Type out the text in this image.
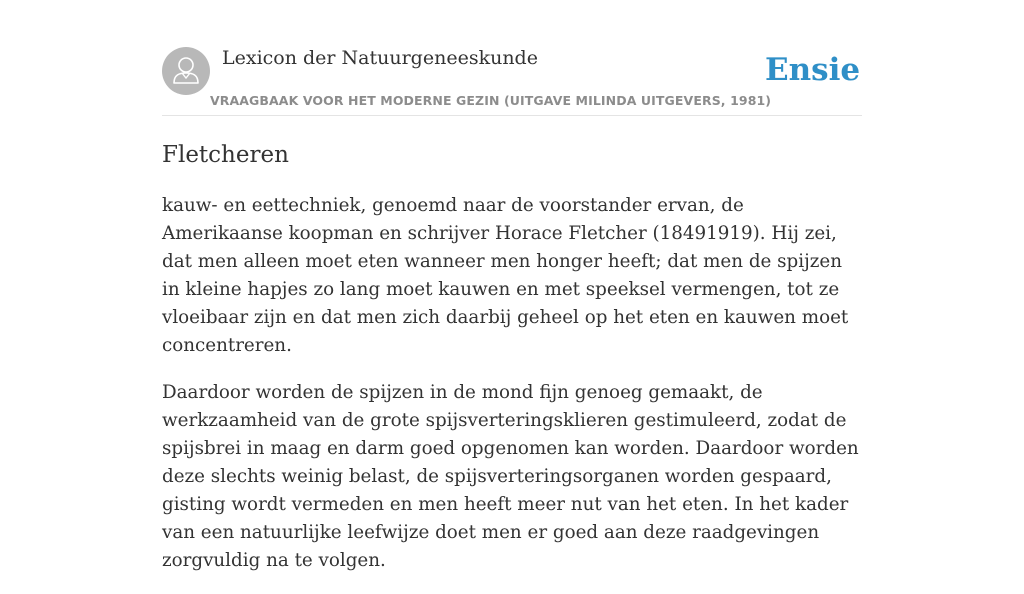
Lexicon der Natuurgeneeskunde
VRAAGBAAK VOOR HET MODERNE GEZIN (UITGAVE MILINDA UITGEVERS, 1981)
Ensie
Fletcheren

kauw- en eettechniek, genoemd naar de voorstander ervan, de Amerikaanse koopman en schrijver Horace Fletcher (18491919). Hij zei, dat men alleen moet eten wanneer men honger heeft; dat men de spijzen in kleine hapjes zo lang moet kauwen en met speeksel vermengen, tot ze vloeibaar zijn en dat men zich daarbij geheel op het eten en kauwen moet concentreren.

Daardoor worden de spijzen in de mond fijn genoeg gemaakt, de werkzaamheid van de grote spijsverteringsklieren gestimuleerd, zodat de spijsbrei in maag en darm goed opgenomen kan worden. Daardoor worden deze slechts weinig belast, de spijsverteringsorganen worden gespaard, gisting wordt vermeden en men heeft meer nut van het eten. In het kader van een natuurlijke leefwijze doet men er goed aan deze raadgevingen zorgvuldig na te volgen.
